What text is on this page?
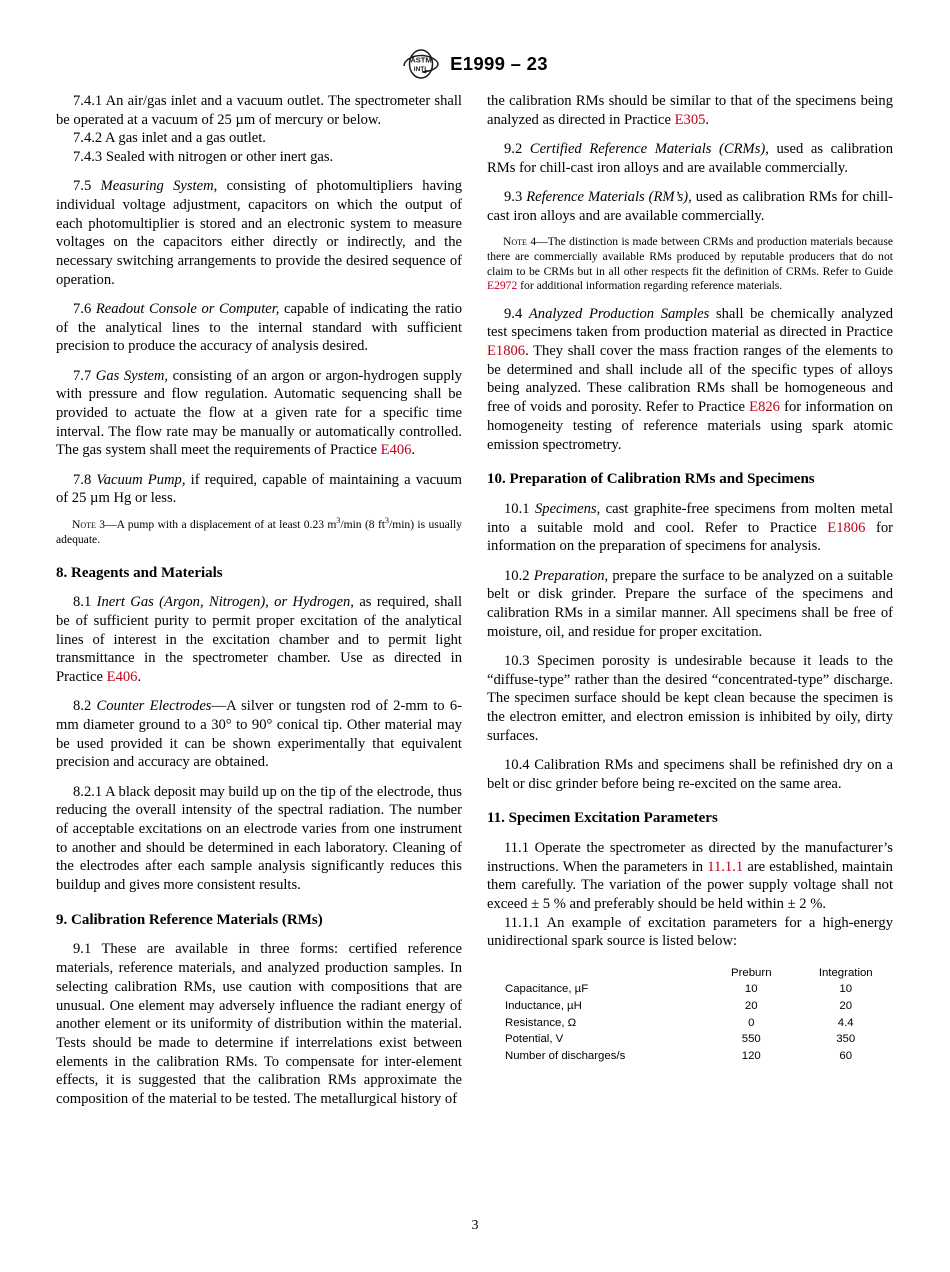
ASTM
INTL E1999 – 23

7.4.1 An air/gas inlet and a vacuum outlet. The spectrometer shall be operated at a vacuum of 25 µm of mercury or below.

7.4.2 A gas inlet and a gas outlet.

7.4.3 Sealed with nitrogen or other inert gas.

7.5 Measuring System, consisting of photomultipliers having individual voltage adjustment, capacitors on which the output of each photomultiplier is stored and an electronic system to measure voltages on the capacitors either directly or indirectly, and the necessary switching arrangements to provide the desired sequence of operation.

7.6 Readout Console or Computer, capable of indicating the ratio of the analytical lines to the internal standard with sufficient precision to produce the accuracy of analysis desired.

7.7 Gas System, consisting of an argon or argon-hydrogen supply with pressure and flow regulation. Automatic sequencing shall be provided to actuate the flow at a given rate for a specific time interval. The flow rate may be manually or automatically controlled. The gas system shall meet the requirements of Practice E406.

7.8 Vacuum Pump, if required, capable of maintaining a vacuum of 25 µm Hg or less.

Note 3—A pump with a displacement of at least 0.23 $m^3/\min$ (8 $ft^3/\min$) is usually adequate.

8. Reagents and Materials

8.1 Inert Gas (Argon, Nitrogen), or Hydrogen, as required, shall be of sufficient purity to permit proper excitation of the analytical lines of interest in the excitation chamber and to permit light transmittance in the spectrometer chamber. Use as directed in Practice E406.

8.2 Counter Electrodes—A silver or tungsten rod of 2-mm to 6-mm diameter ground to a 30° to 90° conical tip. Other material may be used provided it can be shown experimentally that equivalent precision and accuracy are obtained.

8.2.1 A black deposit may build up on the tip of the electrode, thus reducing the overall intensity of the spectral radiation. The number of acceptable excitations on an electrode varies from one instrument to another and should be determined in each laboratory. Cleaning of the electrodes after each sample analysis significantly reduces this buildup and gives more consistent results.

9. Calibration Reference Materials (RMs)

9.1 These are available in three forms: certified reference materials, reference materials, and analyzed production samples. In selecting calibration RMs, use caution with compositions that are unusual. One element may adversely influence the radiant energy of another element or its uniformity of distribution within the material. Tests should be made to determine if interrelations exist between elements in the calibration RMs. To compensate for inter-element effects, it is suggested that the calibration RMs approximate the composition of the material to be tested. The metallurgical history of

the calibration RMs should be similar to that of the specimens being analyzed as directed in Practice E305.

9.2 Certified Reference Materials (CRMs), used as calibration RMs for chill-cast iron alloys and are available commercially.

9.3 Reference Materials (RM’s), used as calibration RMs for chill-cast iron alloys and are available commercially.

Note 4—The distinction is made between CRMs and production materials because there are commercially available RMs produced by reputable producers that do not claim to be CRMs but in all other respects fit the definition of CRMs. Refer to Guide E2972 for additional information regarding reference materials.

9.4 Analyzed Production Samples shall be chemically analyzed test specimens taken from production material as directed in Practice E1806. They shall cover the mass fraction ranges of the elements to be determined and shall include all of the specific types of alloys being analyzed. These calibration RMs shall be homogeneous and free of voids and porosity. Refer to Practice E826 for information on homogeneity testing of reference materials using spark atomic emission spectrometry.

10. Preparation of Calibration RMs and Specimens

10.1 Specimens, cast graphite-free specimens from molten metal into a suitable mold and cool. Refer to Practice E1806 for information on the preparation of specimens for analysis.

10.2 Preparation, prepare the surface to be analyzed on a suitable belt or disk grinder. Prepare the surface of the specimens and calibration RMs in a similar manner. All specimens shall be free of moisture, oil, and residue for proper excitation.

10.3 Specimen porosity is undesirable because it leads to the “diffuse-type” rather than the desired “concentrated-type” discharge. The specimen surface should be kept clean because the specimen is the electron emitter, and electron emission is inhibited by oily, dirty surfaces.

10.4 Calibration RMs and specimens shall be refinished dry on a belt or disc grinder before being re-excited on the same area.

11. Specimen Excitation Parameters

11.1 Operate the spectrometer as directed by the manufacturer’s instructions. When the parameters in 11.1.1 are established, maintain them carefully. The variation of the power supply voltage shall not exceed ± 5 % and preferably should be held within ± 2 %.

11.1.1 An example of excitation parameters for a high-energy unidirectional spark source is listed below:

	Preburn	Integration
Capacitance, µF	10	10
Inductance, µH	20	20
Resistance, Ω	0	4.4
Potential, V	550	350
Number of discharges/s	120	60
3
